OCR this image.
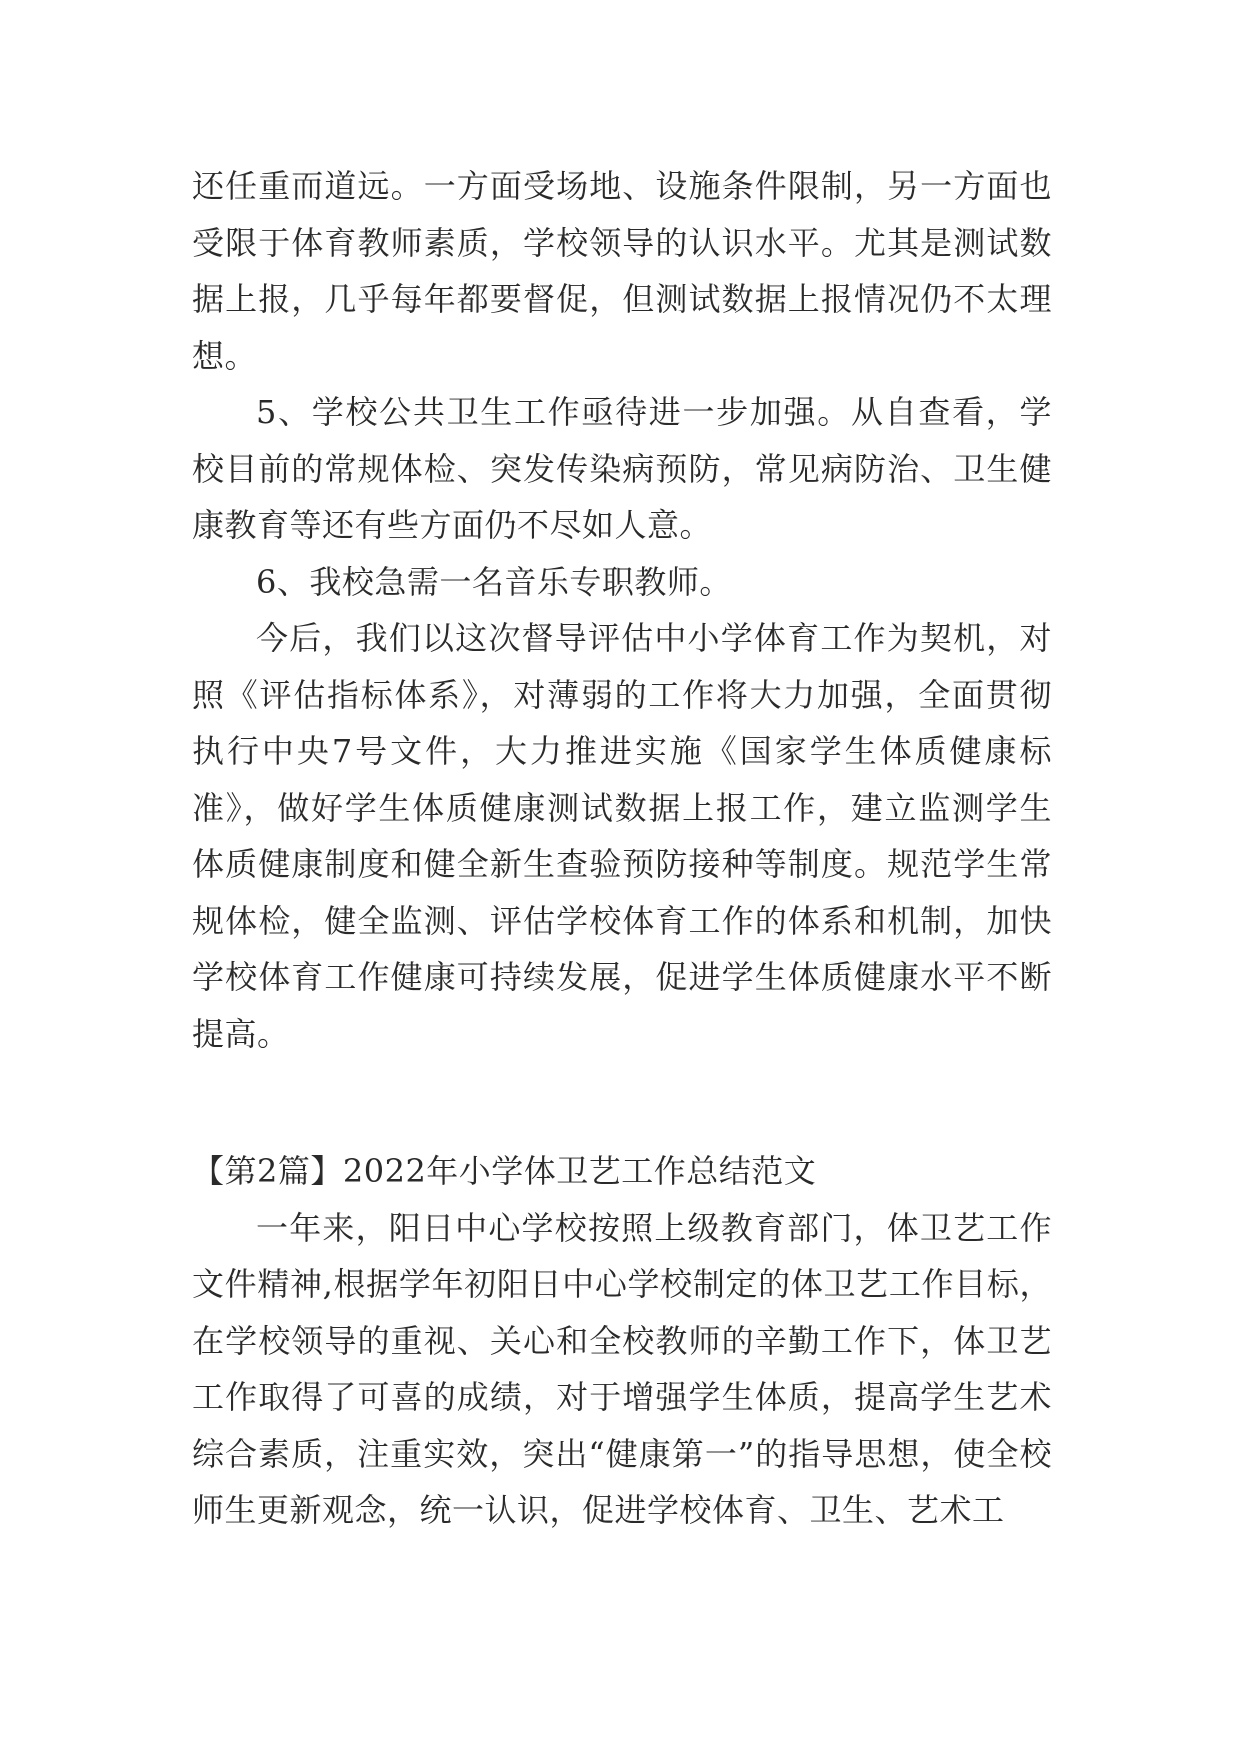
还任重而道远。一方面受场地、设施条件限制，另一方面也受限于体育教师素质，学校领导的认识水平。尤其是测试数据上报，几乎每年都要督促，但测试数据上报情况仍不太理想。

5、学校公共卫生工作亟待进一步加强。从自查看，学校目前的常规体检、突发传染病预防，常见病防治、卫生健康教育等还有些方面仍不尽如人意。

6、我校急需一名音乐专职教师。

今后，我们以这次督导评估中小学体育工作为契机，对照《评估指标体系》，对薄弱的工作将大力加强，全面贯彻执行中央7号文件，大力推进实施《国家学生体质健康标准》，做好学生体质健康测试数据上报工作，建立监测学生体质健康制度和健全新生查验预防接种等制度。规范学生常规体检，健全监测、评估学校体育工作的体系和机制，加快学校体育工作健康可持续发展，促进学生体质健康水平不断提高。

【第2篇】2022年小学体卫艺工作总结范文

一年来，阳日中心学校按照上级教育部门，体卫艺工作文件精神,根据学年初阳日中心学校制定的体卫艺工作目标，在学校领导的重视、关心和全校教师的辛勤工作下，体卫艺工作取得了可喜的成绩，对于增强学生体质，提高学生艺术综合素质，注重实效，突出“健康第一”的指导思想，使全校师生更新观念，统一认识，促进学校体育、卫生、艺术工
